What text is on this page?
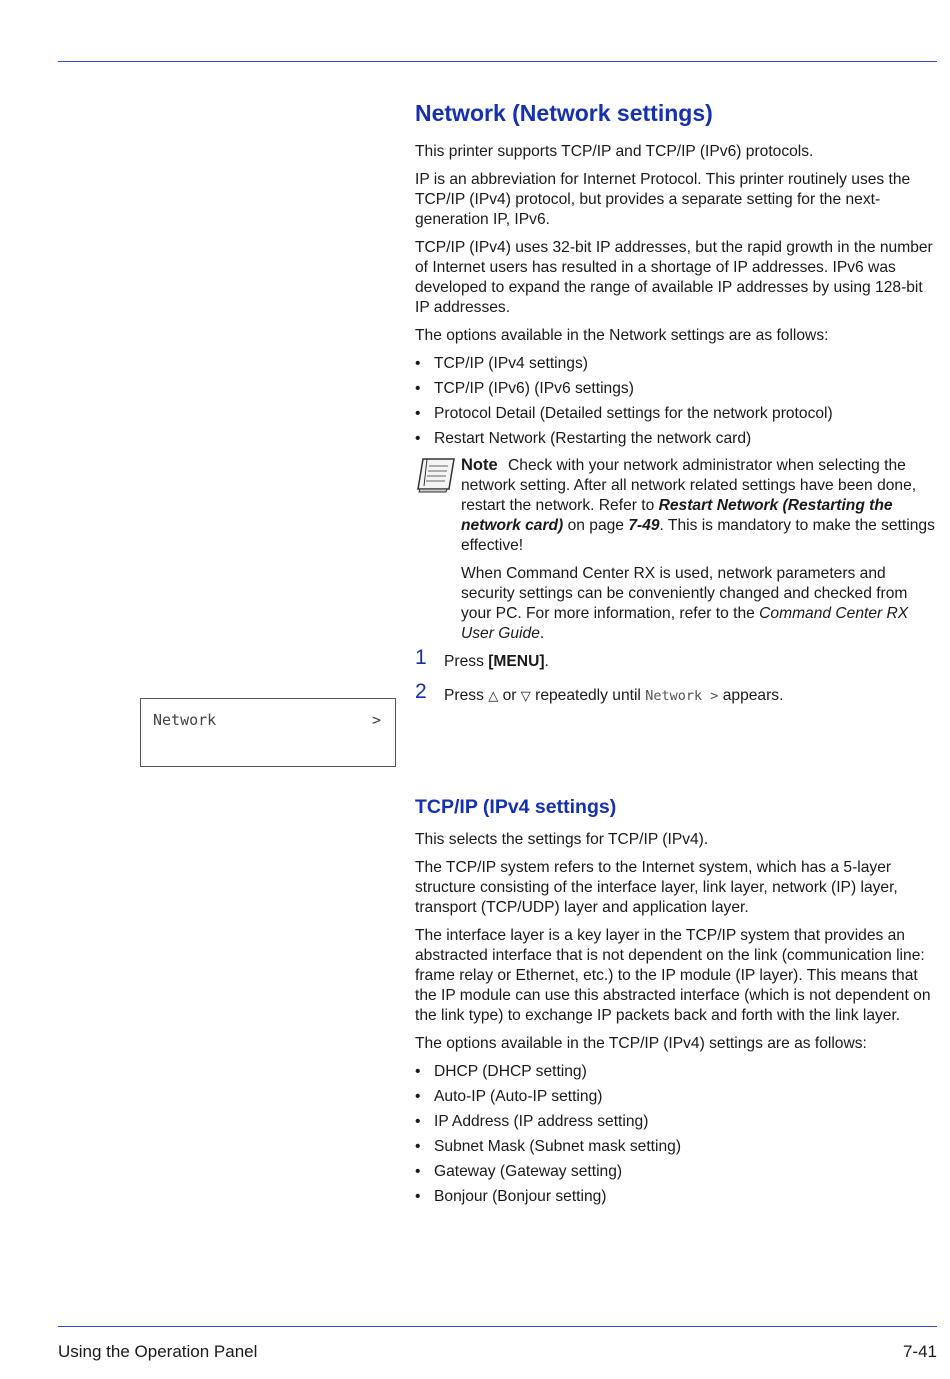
Network	>
Network (Network settings)
This printer supports TCP/IP and TCP/IP (IPv6) protocols.
IP is an abbreviation for Internet Protocol. This printer routinely uses the TCP/IP (IPv4) protocol, but provides a separate setting for the next-generation IP, IPv6.
TCP/IP (IPv4) uses 32-bit IP addresses, but the rapid growth in the number of Internet users has resulted in a shortage of IP addresses. IPv6 was developed to expand the range of available IP addresses by using 128-bit IP addresses.
The options available in the Network settings are as follows:
• TCP/IP (IPv4 settings)
• TCP/IP (IPv6) (IPv6 settings)
• Protocol Detail (Detailed settings for the network protocol)
• Restart Network (Restarting the network card)
Note Check with your network administrator when selecting the network setting. After all network related settings have been done, restart the network. Refer to Restart Network (Restarting the network card) on page 7-49. This is mandatory to make the settings effective!
When Command Center RX is used, network parameters and security settings can be conveniently changed and checked from your PC. For more information, refer to the Command Center RX User Guide.
1 Press [MENU].
2 Press △ or ▽ repeatedly until Network > appears.
TCP/IP (IPv4 settings)
This selects the settings for TCP/IP (IPv4).
The TCP/IP system refers to the Internet system, which has a 5-layer structure consisting of the interface layer, link layer, network (IP) layer, transport (TCP/UDP) layer and application layer.
The interface layer is a key layer in the TCP/IP system that provides an abstracted interface that is not dependent on the link (communication line: frame relay or Ethernet, etc.) to the IP module (IP layer). This means that the IP module can use this abstracted interface (which is not dependent on the link type) to exchange IP packets back and forth with the link layer.
The options available in the TCP/IP (IPv4) settings are as follows:
• DHCP (DHCP setting)
• Auto-IP (Auto-IP setting)
• IP Address (IP address setting)
• Subnet Mask (Subnet mask setting)
• Gateway (Gateway setting)
• Bonjour (Bonjour setting)
Using the Operation Panel	7-41
